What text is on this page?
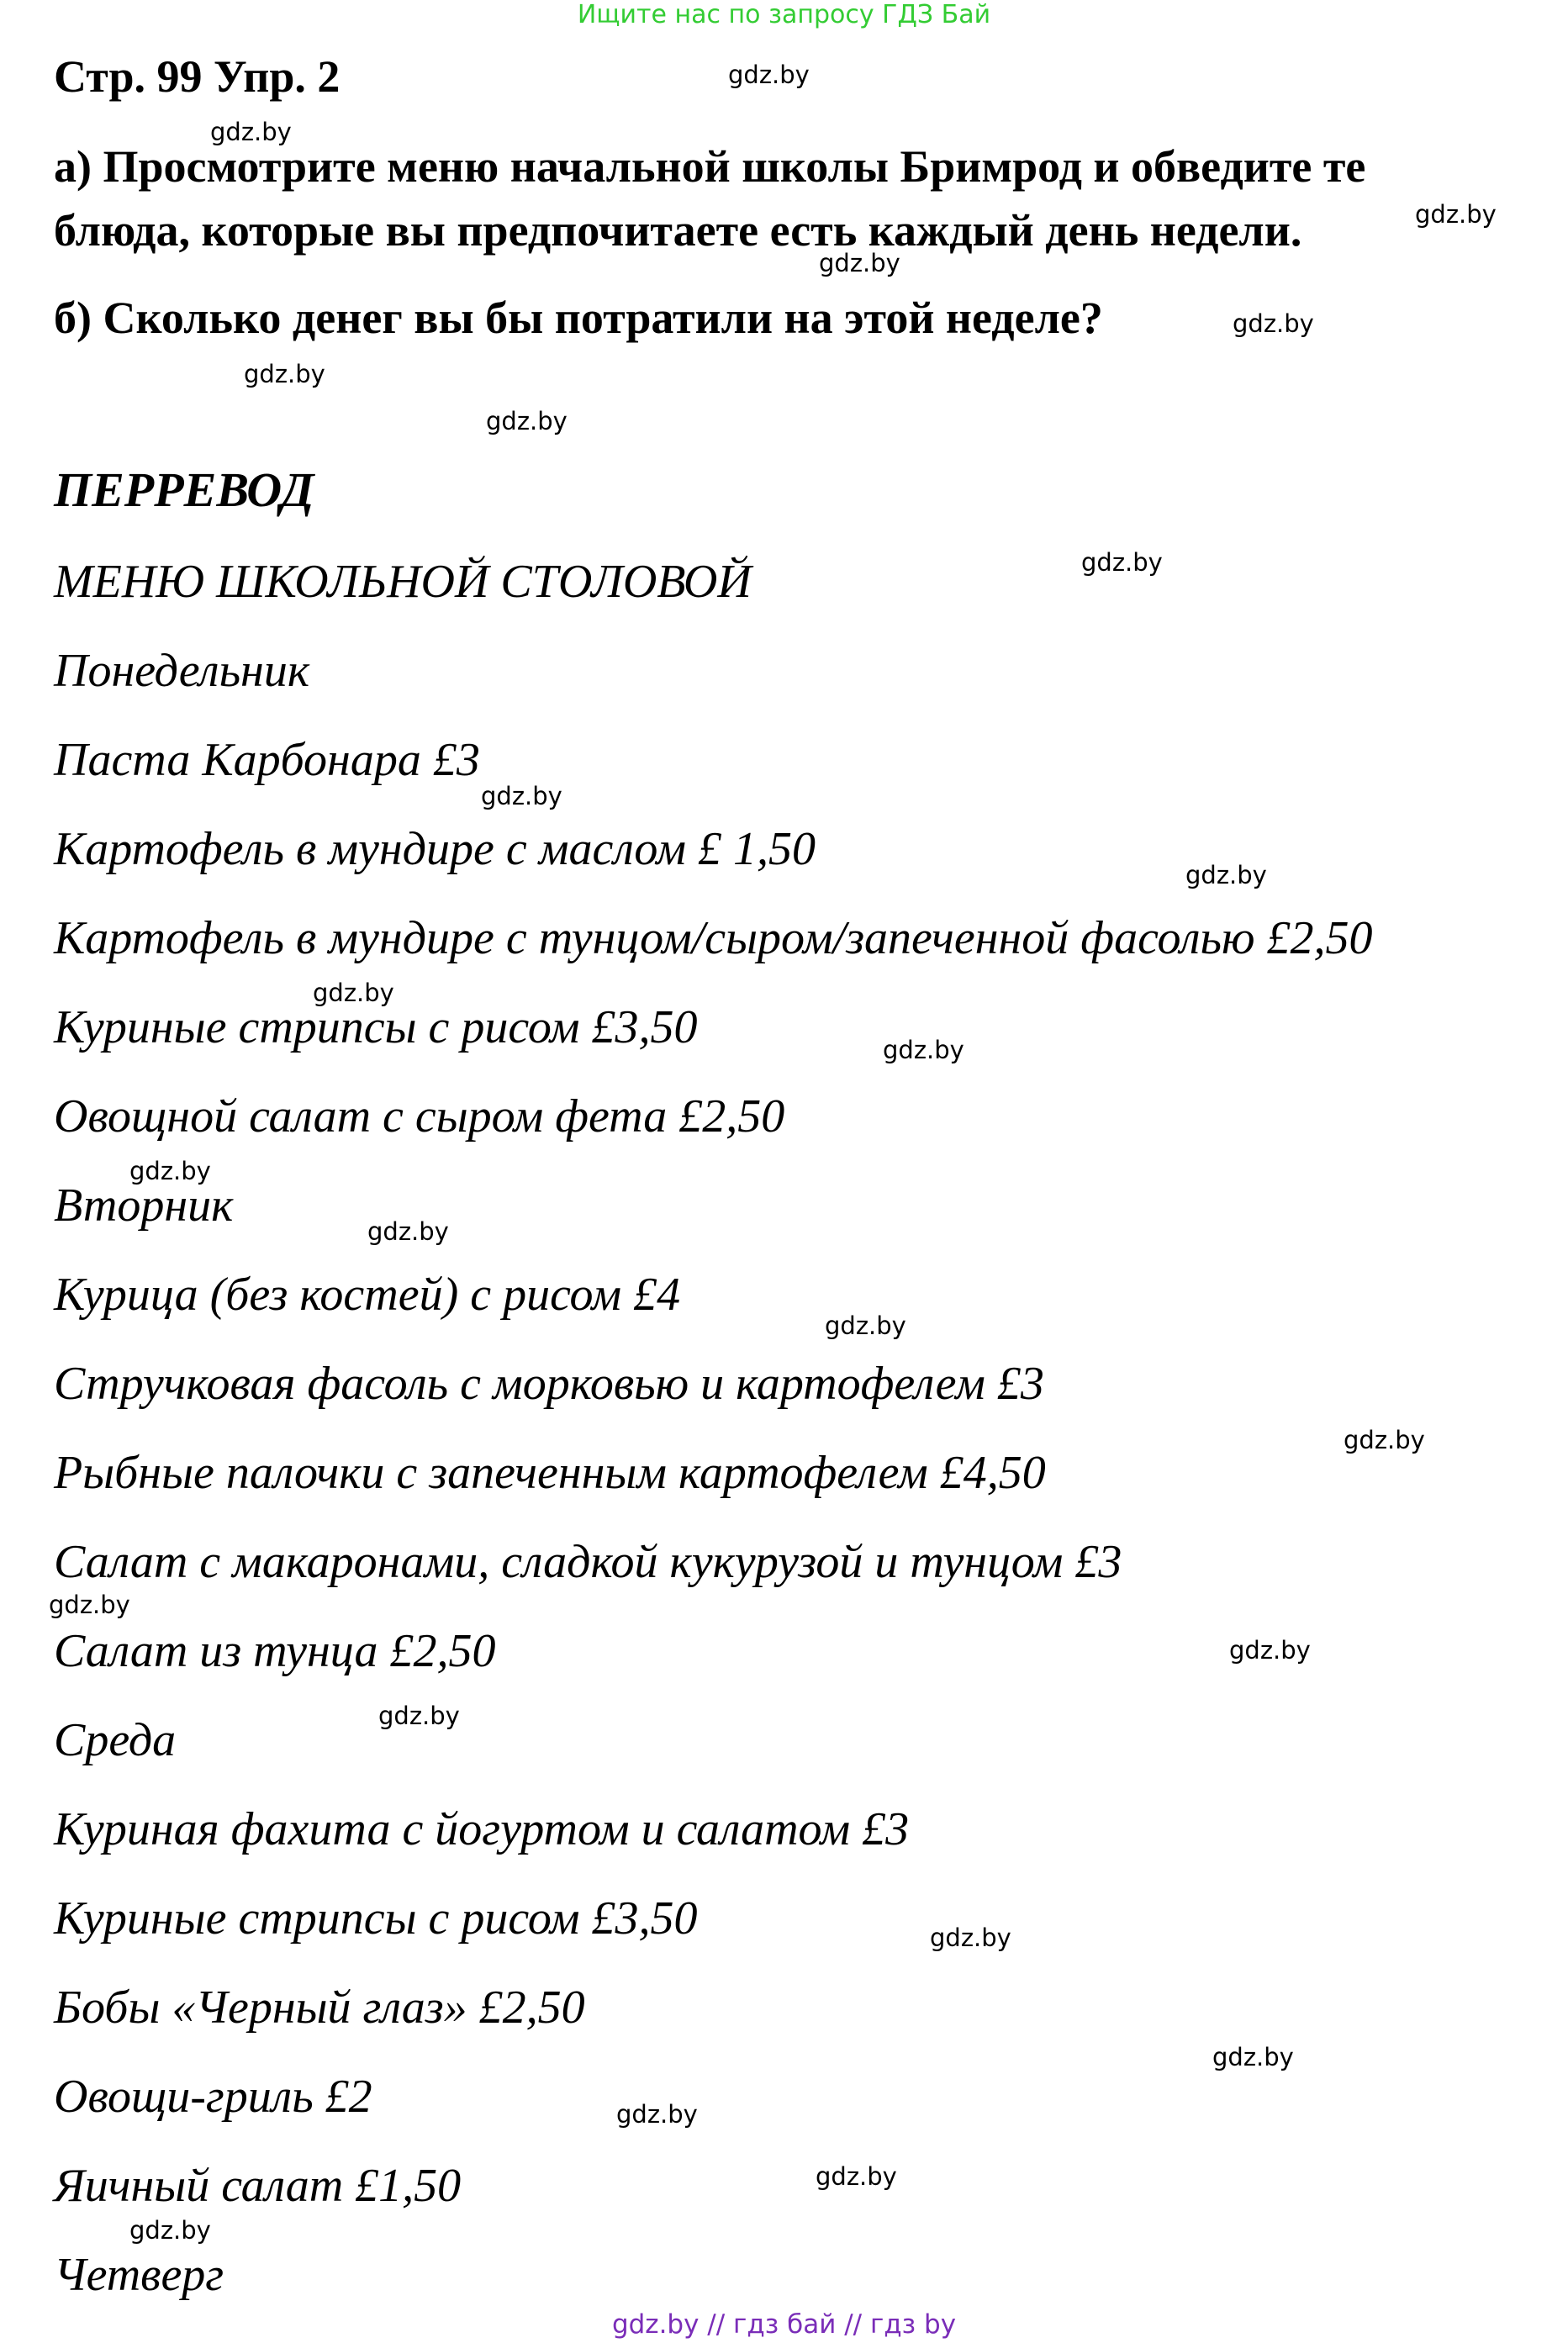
Ищите нас по запросу ГДЗ Бай
Стр. 99 Упр. 2
а) Просмотрите меню начальной школы Бримрод и обведите те
блюда, которые вы предпочитаете есть каждый день недели.
б) Сколько денег вы бы потратили на этой неделе?
ПЕРРЕВОД
МЕНЮ ШКОЛЬНОЙ СТОЛОВОЙ
Понедельник
Паста Карбонара £3
Картофель в мундире с маслом £ 1,50
Картофель в мундире с тунцом/сыром/запеченной фасолью £2,50
Куриные стрипсы с рисом £3,50
Овощной салат с сыром фета £2,50
Вторник
Курица (без костей) с рисом £4
Стручковая фасоль с морковью и картофелем £3
Рыбные палочки с запеченным картофелем £4,50
Салат с макаронами, сладкой кукурузой и тунцом £3
Салат из тунца £2,50
Среда
Куриная фахита с йогуртом и салатом £3
Куриные стрипсы с рисом £3,50
Бобы «Черный глаз» £2,50
Овощи-гриль £2
Яичный салат £1,50
Четверг
gdz.by
gdz.by
gdz.by
gdz.by
gdz.by
gdz.by
gdz.by
gdz.by
gdz.by
gdz.by
gdz.by
gdz.by
gdz.by
gdz.by
gdz.by
gdz.by
gdz.by
gdz.by
gdz.by
gdz.by
gdz.by
gdz.by
gdz.by
gdz.by
gdz.by // гдз бай // гдз by
